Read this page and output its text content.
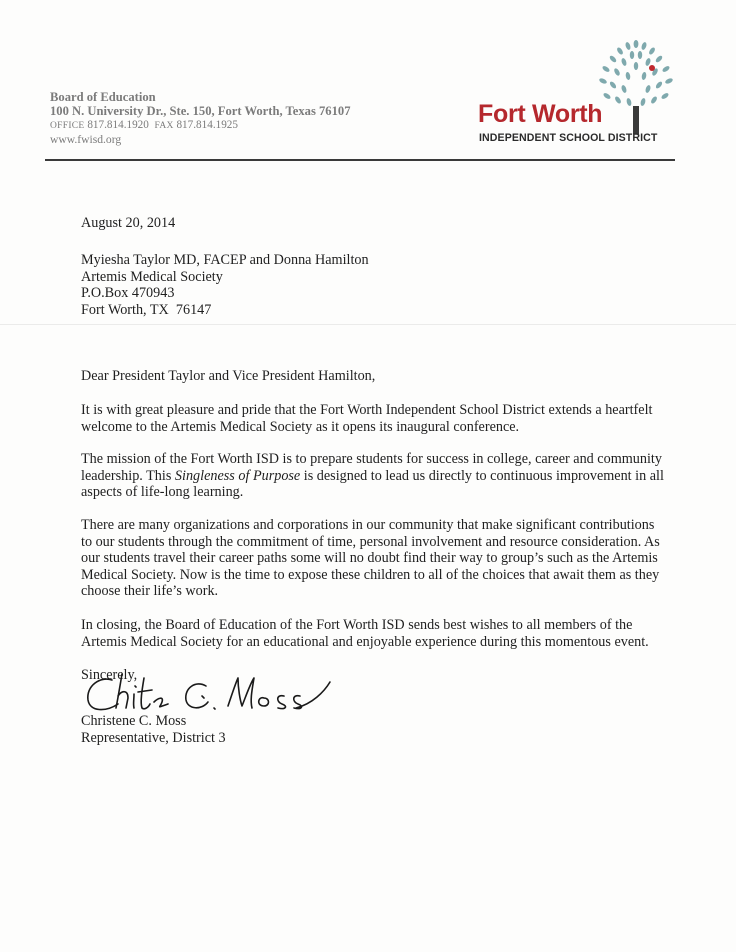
Board of Education
100 N. University Dr., Ste. 150, Fort Worth, Texas 76107
OFFICE 817.814.1920 FAX 817.814.1925
www.fwisd.org
Fort Worth
INDEPENDENT SCHOOL DISTRICT
August 20, 2014
Myiesha Taylor MD, FACEP and Donna Hamilton
Artemis Medical Society
P.O.Box 470943
Fort Worth, TX  76147
Dear President Taylor and Vice President Hamilton,
It is with great pleasure and pride that the Fort Worth Independent School District extends a heartfelt
welcome to the Artemis Medical Society as it opens its inaugural conference.
The mission of the Fort Worth ISD is to prepare students for success in college, career and community
leadership. This Singleness of Purpose is designed to lead us directly to continuous improvement in all
aspects of life-long learning.
There are many organizations and corporations in our community that make significant contributions
to our students through the commitment of time, personal involvement and resource consideration. As
our students travel their career paths some will no doubt find their way to group’s such as the Artemis
Medical Society. Now is the time to expose these children to all of the choices that await them as they
choose their life’s work.
In closing, the Board of Education of the Fort Worth ISD sends best wishes to all members of the
Artemis Medical Society for an educational and enjoyable experience during this momentous event.
Sincerely,
Christene C. Moss
Representative, District 3
